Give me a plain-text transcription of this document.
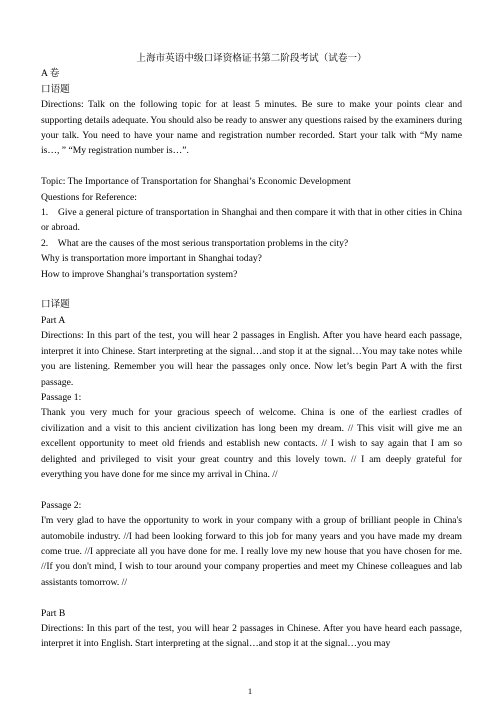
上海市英语中级口译资格证书第二阶段考试（试卷一）

A 卷

口语题

Directions: Talk on the following topic for at least 5 minutes. Be sure to make your points clear and supporting details adequate. You should also be ready to answer any questions raised by the examiners during your talk. You need to have your name and registration number recorded. Start your talk with “My name is…, ” “My registration number is…”.

Topic: The Importance of Transportation for Shanghai’s Economic Development

Questions for Reference:

1.    Give a general picture of transportation in Shanghai and then compare it with that in other cities in China or abroad.

2.    What are the causes of the most serious transportation problems in the city?

Why is transportation more important in Shanghai today?

How to improve Shanghai’s transportation system?

口译题

Part A

Directions: In this part of the test, you will hear 2 passages in English. After you have heard each passage, interpret it into Chinese. Start interpreting at the signal…and stop it at the signal…You may take notes while you are listening. Remember you will hear the passages only once. Now let’s begin Part A with the first passage.

Passage 1:

Thank you very much for your gracious speech of welcome. China is one of the earliest cradles of civilization and a visit to this ancient civilization has long been my dream. // This visit will give me an excellent opportunity to meet old friends and establish new contacts. // I wish to say again that I am so delighted and privileged to visit your great country and this lovely town. // I am deeply grateful for everything you have done for me since my arrival in China. //

Passage 2:

I'm very glad to have the opportunity to work in your company with a group of brilliant people in China's automobile industry. //I had been looking forward to this job for many years and you have made my dream come true. //I appreciate all you have done for me. I really love my new house that you have chosen for me. //If you don't mind, I wish to tour around your company properties and meet my Chinese colleagues and lab assistants tomorrow. //

Part B

Directions: In this part of the test, you will hear 2 passages in Chinese. After you have heard each passage, interpret it into English. Start interpreting at the signal…and stop it at the signal…you may

1
